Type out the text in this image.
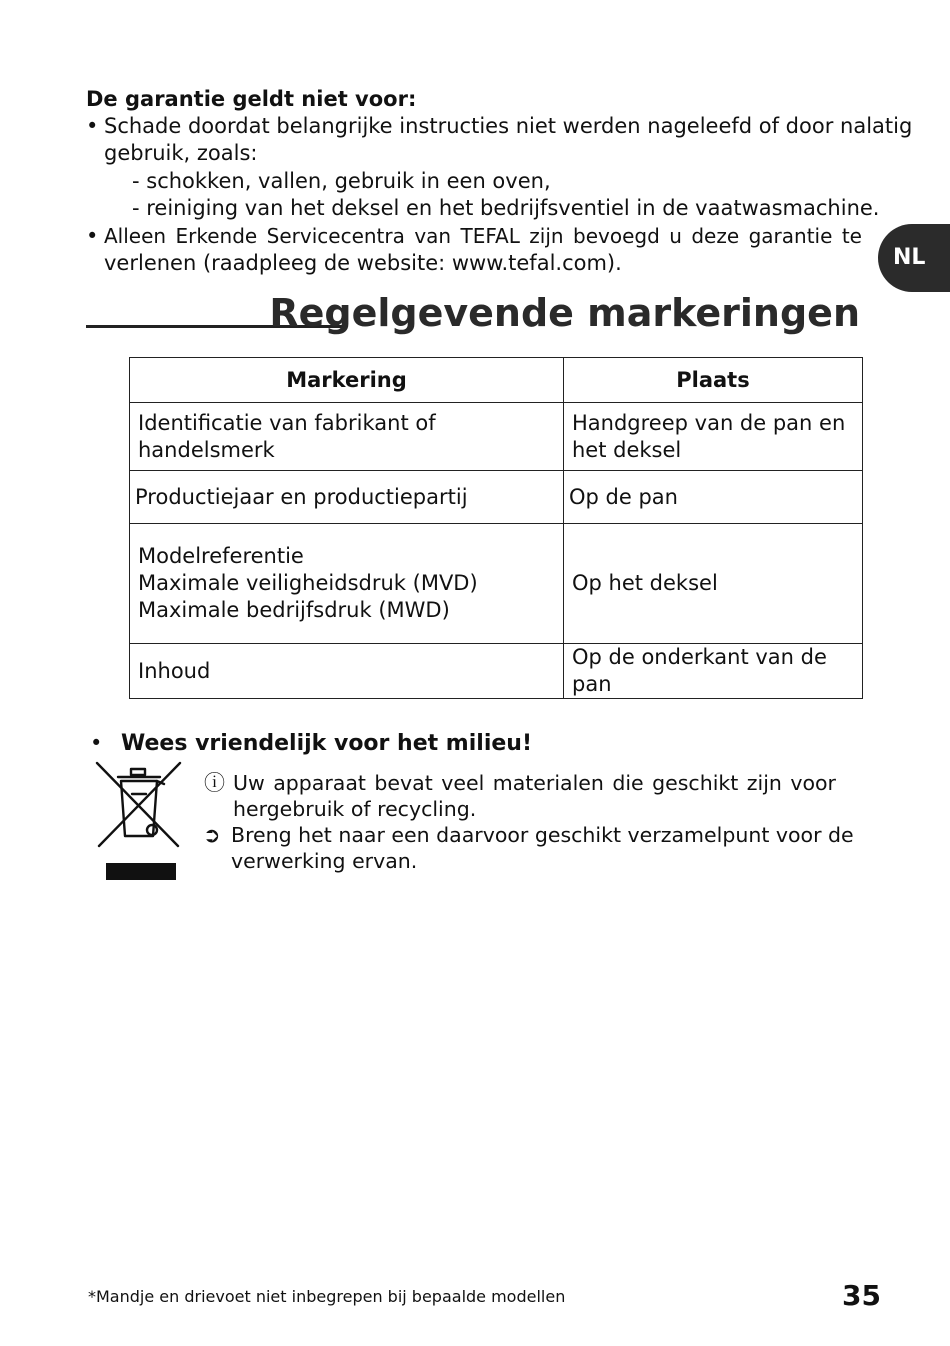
De garantie geldt niet voor:
• Schade doordat belangrijke instructies niet werden nageleefd of door nalatig
gebruik, zoals:
- schokken, vallen, gebruik in een oven,
- reiniging van het deksel en het bedrijfsventiel in de vaatwasmachine.
• Alleen Erkende Servicecentra van TEFAL zijn bevoegd u deze garantie te
verlenen (raadpleeg de website: www.tefal.com).	NL
Regelgevende markeringen
Markering	Plaats
Identificatie van fabrikant of handelsmerk	Handgreep van de pan en
het deksel
Productiejaar en productiepartij	Op de pan
Modelreferentie
Maximale veiligheidsdruk (MVD)
Maximale bedrijfsdruk (MWD)	Op het deksel
Inhoud	Op de onderkant van de pan
• Wees vriendelijk voor het milieu!
ⓘ Uw apparaat bevat veel materialen die geschikt zijn voor
hergebruik of recycling.
➲ Breng het naar een daarvoor geschikt verzamelpunt voor de
verwerking ervan.
*Mandje en drievoet niet inbegrepen bij bepaalde modellen	35
